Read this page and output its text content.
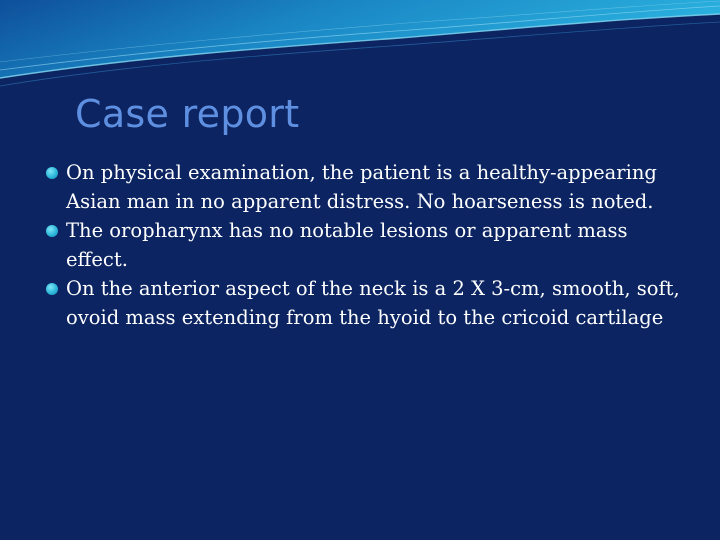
Case report
On physical examination, the patient is a healthy-appearing Asian man in no apparent distress. No hoarseness is noted.
The oropharynx has no notable lesions or apparent mass effect.
On the anterior aspect of the neck is a 2 X 3-cm, smooth, soft, ovoid mass extending from the hyoid to the cricoid cartilage
